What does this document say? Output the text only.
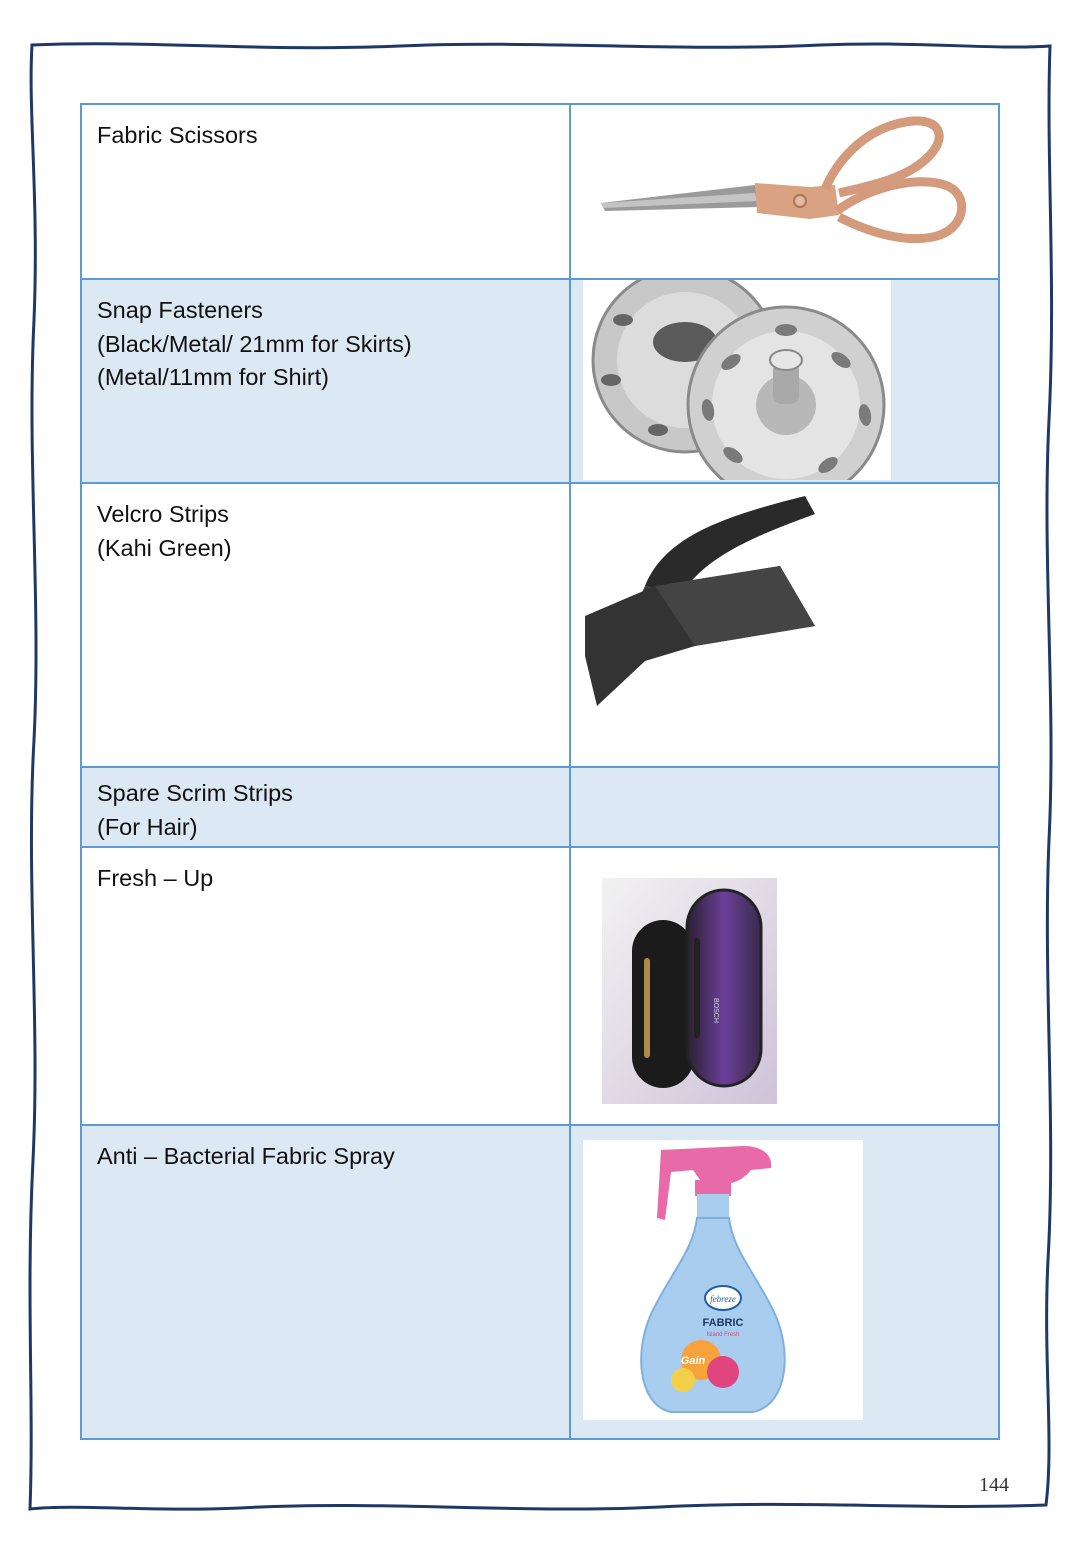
Fabric Scissors

Snap Fasteners
(Black/Metal/ 21mm for Skirts)
(Metal/11mm for Shirt)

Velcro Strips
(Kahi Green)

Spare Scrim Strips
(For Hair)	

Fresh – Up	BOSCH

Anti – Bacterial Fabric Spray	febreze
FABRIC
Island Fresh
Gain
144
